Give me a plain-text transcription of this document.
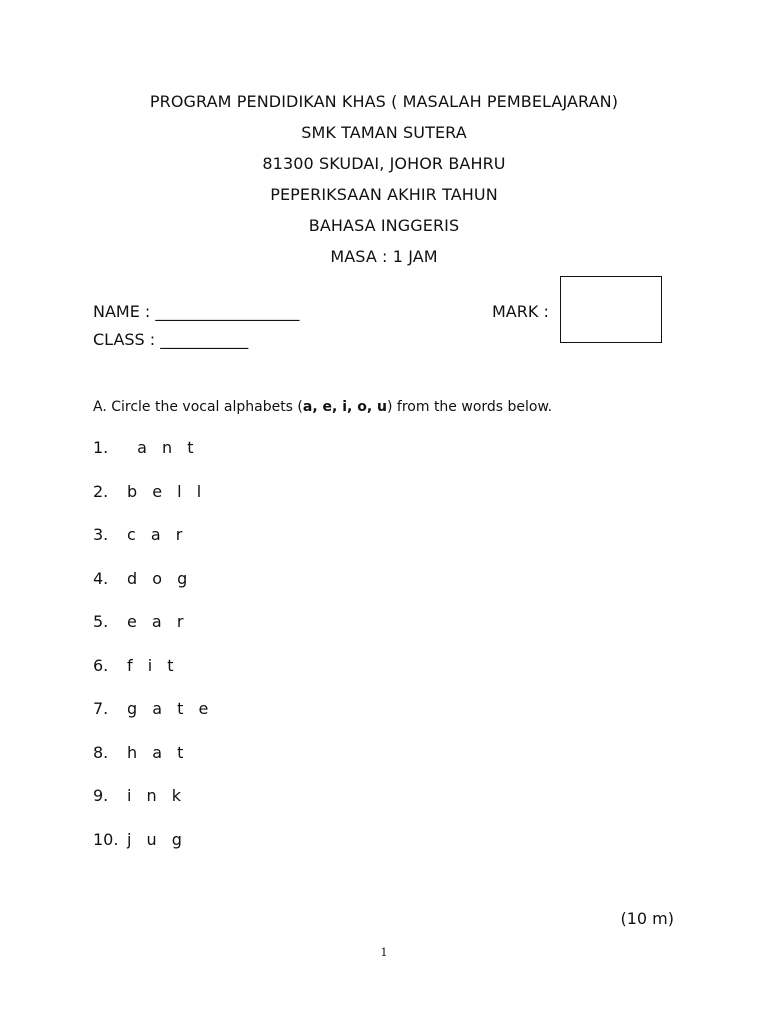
PROGRAM PENDIDIKAN KHAS ( MASALAH PEMBELAJARAN)
SMK TAMAN SUTERA
81300 SKUDAI, JOHOR BAHRU
PEPERIKSAAN AKHIR TAHUN
BAHASA INGGERIS
MASA : 1 JAM
NAME : __________________
CLASS : ___________
MARK :
A. Circle the vocal alphabets (a, e, i, o, u) from the words below.
1. a n t
2. b e l l
3. c a r
4. d o g
5. e a r
6. f i t
7. g a t e
8. h a t
9. i n k
10. j u g
(10 m)
1
